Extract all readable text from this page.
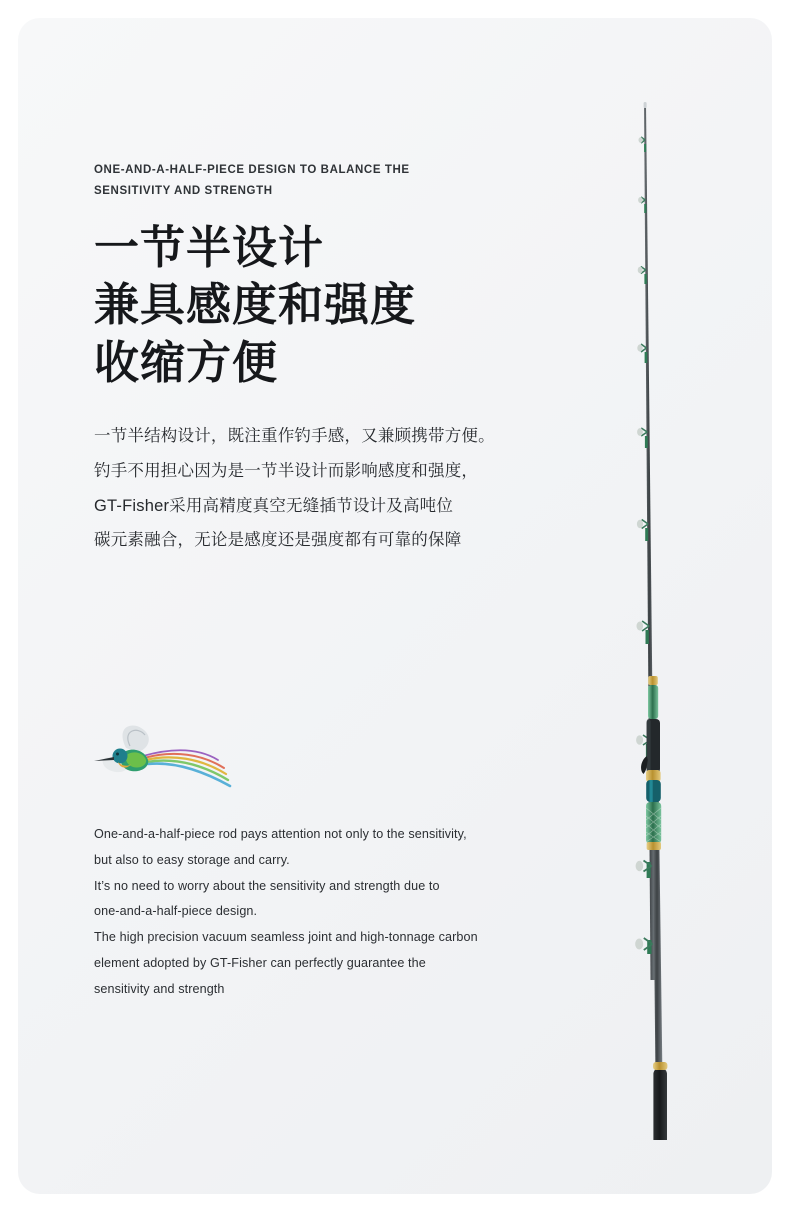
ONE-AND-A-HALF-PIECE DESIGN TO BALANCE THE SENSITIVITY AND STRENGTH

一节半设计
兼具感度和强度
收缩方便
一节半结构设计，既注重作钓手感，又兼顾携带方便。
钓手不用担心因为是一节半设计而影响感度和强度，
GT-Fisher采用高精度真空无缝插节设计及高吨位
碳元素融合，无论是感度还是强度都有可靠的保障
One-and-a-half-piece rod pays attention not only to the sensitivity,
but also to easy storage and carry.
It’s no need to worry about the sensitivity and strength due to
one-and-a-half-piece design.
The high precision vacuum seamless joint and high-tonnage carbon
element adopted by GT-Fisher can perfectly guarantee the
sensitivity and strength
